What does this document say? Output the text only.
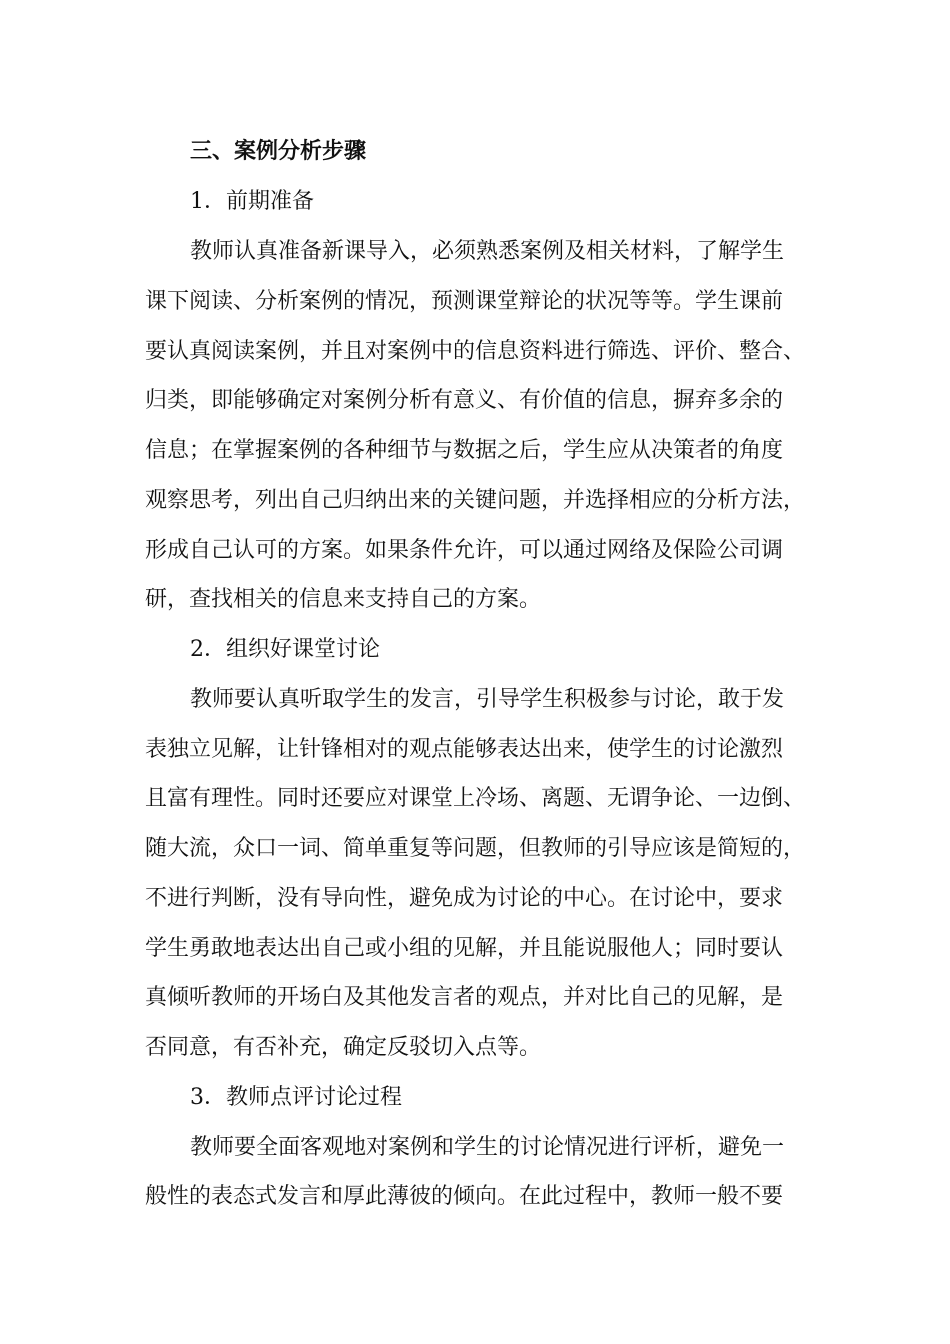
三、案例分析步骤
1．前期准备
教师认真准备新课导入，必须熟悉案例及相关材料，了解学生
课下阅读、分析案例的情况，预测课堂辩论的状况等等。学生课前
要认真阅读案例，并且对案例中的信息资料进行筛选、评价、整合、
归类，即能够确定对案例分析有意义、有价值的信息，摒弃多余的
信息；在掌握案例的各种细节与数据之后，学生应从决策者的角度
观察思考，列出自己归纳出来的关键问题，并选择相应的分析方法，
形成自己认可的方案。如果条件允许，可以通过网络及保险公司调
研，查找相关的信息来支持自己的方案。
2．组织好课堂讨论
教师要认真听取学生的发言，引导学生积极参与讨论，敢于发
表独立见解，让针锋相对的观点能够表达出来，使学生的讨论激烈
且富有理性。同时还要应对课堂上冷场、离题、无谓争论、一边倒、
随大流，众口一词、简单重复等问题，但教师的引导应该是简短的，
不进行判断，没有导向性，避免成为讨论的中心。在讨论中，要求
学生勇敢地表达出自己或小组的见解，并且能说服他人；同时要认
真倾听教师的开场白及其他发言者的观点，并对比自己的见解，是
否同意，有否补充，确定反驳切入点等。
3．教师点评讨论过程
教师要全面客观地对案例和学生的讨论情况进行评析，避免一
般性的表态式发言和厚此薄彼的倾向。在此过程中，教师一般不要
